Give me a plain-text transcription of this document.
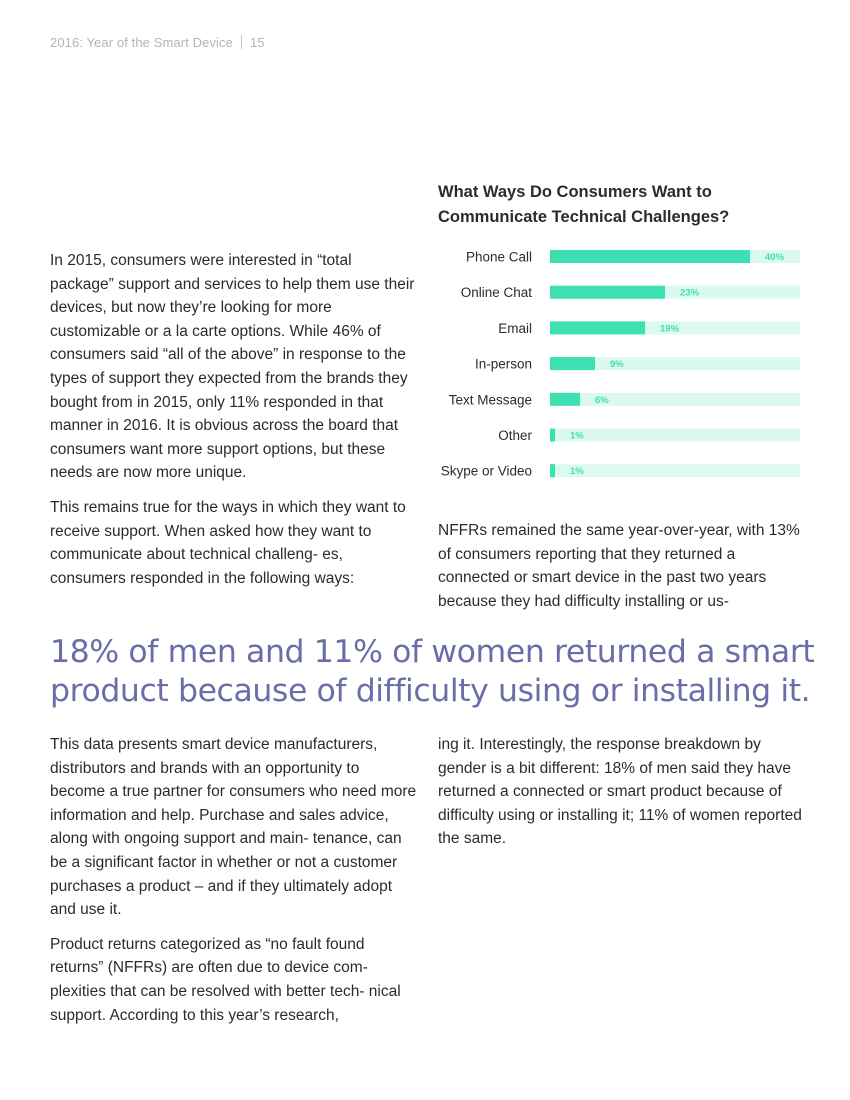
2016: Year of the Smart Device 15
What Ways Do Consumers Want to Communicate Technical Challenges?
Phone Call	40%
Online Chat	23%
Email	19%
In-person	9%
Text Message	6%
Other	1%
Skype or Video	1%

In 2015, consumers were interested in “total package” support and services to help them use their devices, but now they’re looking for more customizable or a la carte options. While 46% of consumers said “all of the above” in response to the types of support they expected from the brands they bought from in 2015, only 11% responded in that manner in 2016. It is obvious across the board that consumers want more support options, but these needs are now more unique.

This remains true for the ways in which they want to receive support. When asked how they want to communicate about technical challeng- es, consumers responded in the following ways:

NFFRs remained the same year-over-year, with 13% of consumers reporting that they returned a connected or smart device in the past two years because they had difficulty installing or us-

18% of men and 11% of women returned a smart product because of difficulty using or installing it.

This data presents smart device manufacturers, distributors and brands with an opportunity to become a true partner for consumers who need more information and help. Purchase and sales advice, along with ongoing support and main- tenance, can be a significant factor in whether or not a customer purchases a product – and if they ultimately adopt and use it.

Product returns categorized as “no fault found returns” (NFFRs) are often due to device com- plexities that can be resolved with better tech- nical support. According to this year’s research,

ing it. Interestingly, the response breakdown by gender is a bit different: 18% of men said they have returned a connected or smart product because of difficulty using or installing it; 11% of women reported the same.
